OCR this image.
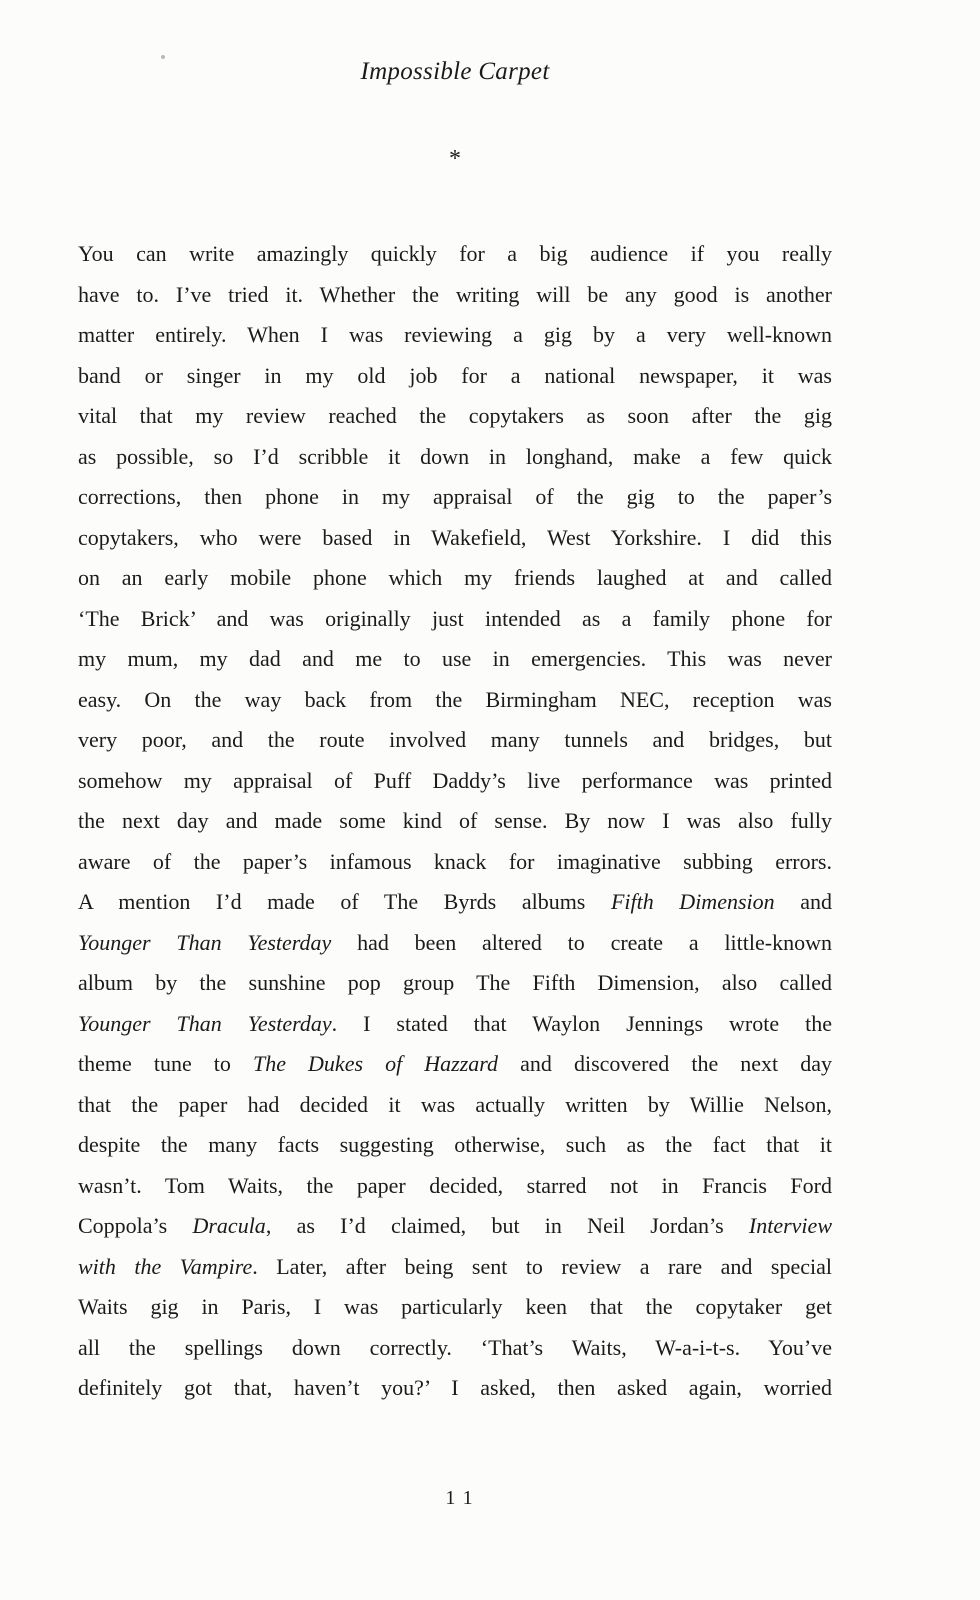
Impossible Carpet
*
You can write amazingly quickly for a big audience if you really
have to. I’ve tried it. Whether the writing will be any good is another
matter entirely. When I was reviewing a gig by a very well-known
band or singer in my old job for a national newspaper, it was
vital that my review reached the copytakers as soon after the gig
as possible, so I’d scribble it down in longhand, make a few quick
corrections, then phone in my appraisal of the gig to the paper’s
copytakers, who were based in Wakefield, West Yorkshire. I did this
on an early mobile phone which my friends laughed at and called
‘The Brick’ and was originally just intended as a family phone for
my mum, my dad and me to use in emergencies. This was never
easy. On the way back from the Birmingham NEC, reception was
very poor, and the route involved many tunnels and bridges, but
somehow my appraisal of Puff Daddy’s live performance was printed
the next day and made some kind of sense. By now I was also fully
aware of the paper’s infamous knack for imaginative subbing errors.
A mention I’d made of The Byrds albums Fifth Dimension and
Younger Than Yesterday had been altered to create a little-known
album by the sunshine pop group The Fifth Dimension, also called
Younger Than Yesterday. I stated that Waylon Jennings wrote the
theme tune to The Dukes of Hazzard and discovered the next day
that the paper had decided it was actually written by Willie Nelson,
despite the many facts suggesting otherwise, such as the fact that it
wasn’t. Tom Waits, the paper decided, starred not in Francis Ford
Coppola’s Dracula, as I’d claimed, but in Neil Jordan’s Interview
with the Vampire. Later, after being sent to review a rare and special
Waits gig in Paris, I was particularly keen that the copytaker get
all the spellings down correctly. ‘That’s Waits, W-a-i-t-s. You’ve
definitely got that, haven’t you?’ I asked, then asked again, worried
11
